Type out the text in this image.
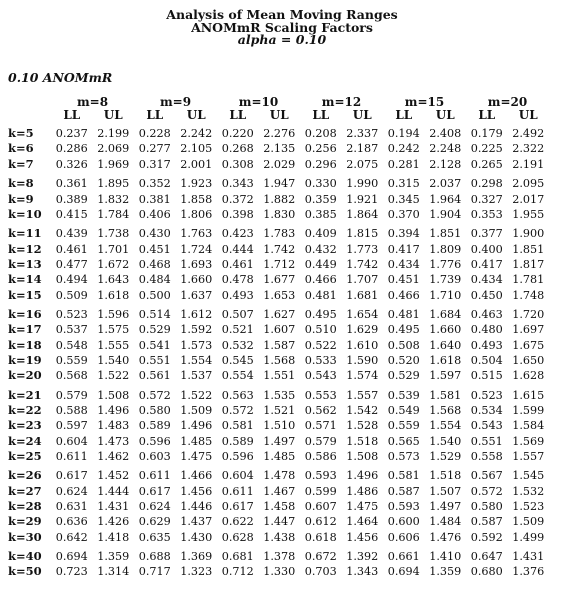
Analysis of Mean Moving Ranges
ANOMmR Scaling Factors
alpha = 0.10
0.10 ANOMmR
	m=8		m=9		m=10		m=12		m=15		m=20	
	LL	UL	LL	UL	LL	UL	LL	UL	LL	UL	LL	UL

k=5	0.237	2.199	0.228	2.242	0.220	2.276	0.208	2.337	0.194	2.408	0.179	2.492
k=6	0.286	2.069	0.277	2.105	0.268	2.135	0.256	2.187	0.242	2.248	0.225	2.322
k=7	0.326	1.969	0.317	2.001	0.308	2.029	0.296	2.075	0.281	2.128	0.265	2.191

k=8	0.361	1.895	0.352	1.923	0.343	1.947	0.330	1.990	0.315	2.037	0.298	2.095
k=9	0.389	1.832	0.381	1.858	0.372	1.882	0.359	1.921	0.345	1.964	0.327	2.017
k=10	0.415	1.784	0.406	1.806	0.398	1.830	0.385	1.864	0.370	1.904	0.353	1.955

k=11	0.439	1.738	0.430	1.763	0.423	1.783	0.409	1.815	0.394	1.851	0.377	1.900
k=12	0.461	1.701	0.451	1.724	0.444	1.742	0.432	1.773	0.417	1.809	0.400	1.851
k=13	0.477	1.672	0.468	1.693	0.461	1.712	0.449	1.742	0.434	1.776	0.417	1.817
k=14	0.494	1.643	0.484	1.660	0.478	1.677	0.466	1.707	0.451	1.739	0.434	1.781
k=15	0.509	1.618	0.500	1.637	0.493	1.653	0.481	1.681	0.466	1.710	0.450	1.748

k=16	0.523	1.596	0.514	1.612	0.507	1.627	0.495	1.654	0.481	1.684	0.463	1.720
k=17	0.537	1.575	0.529	1.592	0.521	1.607	0.510	1.629	0.495	1.660	0.480	1.697
k=18	0.548	1.555	0.541	1.573	0.532	1.587	0.522	1.610	0.508	1.640	0.493	1.675
k=19	0.559	1.540	0.551	1.554	0.545	1.568	0.533	1.590	0.520	1.618	0.504	1.650
k=20	0.568	1.522	0.561	1.537	0.554	1.551	0.543	1.574	0.529	1.597	0.515	1.628

k=21	0.579	1.508	0.572	1.522	0.563	1.535	0.553	1.557	0.539	1.581	0.523	1.615
k=22	0.588	1.496	0.580	1.509	0.572	1.521	0.562	1.542	0.549	1.568	0.534	1.599
k=23	0.597	1.483	0.589	1.496	0.581	1.510	0.571	1.528	0.559	1.554	0.543	1.584
k=24	0.604	1.473	0.596	1.485	0.589	1.497	0.579	1.518	0.565	1.540	0.551	1.569
k=25	0.611	1.462	0.603	1.475	0.596	1.485	0.586	1.508	0.573	1.529	0.558	1.557

k=26	0.617	1.452	0.611	1.466	0.604	1.478	0.593	1.496	0.581	1.518	0.567	1.545
k=27	0.624	1.444	0.617	1.456	0.611	1.467	0.599	1.486	0.587	1.507	0.572	1.532
k=28	0.631	1.431	0.624	1.446	0.617	1.458	0.607	1.475	0.593	1.497	0.580	1.523
k=29	0.636	1.426	0.629	1.437	0.622	1.447	0.612	1.464	0.600	1.484	0.587	1.509
k=30	0.642	1.418	0.635	1.430	0.628	1.438	0.618	1.456	0.606	1.476	0.592	1.499

k=40	0.694	1.359	0.688	1.369	0.681	1.378	0.672	1.392	0.661	1.410	0.647	1.431
k=50	0.723	1.314	0.717	1.323	0.712	1.330	0.703	1.343	0.694	1.359	0.680	1.376
